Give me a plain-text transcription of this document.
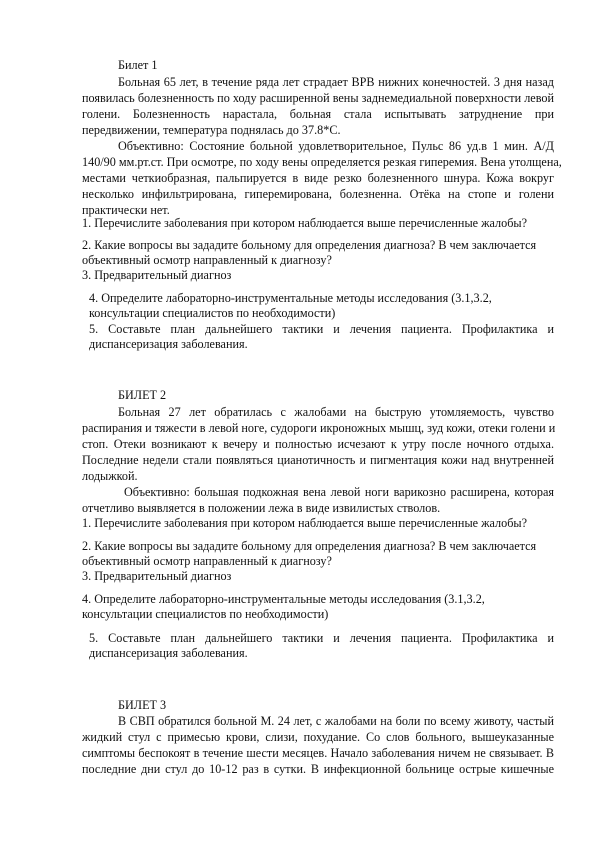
Билет 1
Больная 65 лет, в течение ряда лет страдает ВРВ нижних конечностей. 3 дня назад
появилась болезненность по ходу расширенной вены заднемедиальной поверхности левой
голени. Болезненность нарастала, больная стала испытывать затруднение при
передвижении, температура поднялась до 37.8*С.
Объективно: Состояние больной удовлетворительное, Пульс 86 уд.в 1 мин. А/Д
140/90 мм.рт.ст. При осмотре, по ходу вены определяется резкая гиперемия. Вена утолщена,
местами четкиобразная, пальпируется в виде резко болезненного шнура. Кожа вокруг
несколько инфильтрирована, гиперемирована, болезненна. Отёка на стопе и голени
практически нет.
1. Перечислите заболевания при котором наблюдается выше перечисленные жалобы?
2. Какие вопросы вы зададите больному для определения диагноза? В чем заключается
объективный осмотр направленный к диагнозу?
3. Предварительный диагноз
4. Определите лабораторно-инструментальные методы исследования (3.1,3.2,
консультации специалистов по необходимости)
5. Составьте план дальнейшего тактики и лечения пациента. Профилактика и
диспансеризация заболевания.
БИЛЕТ 2
Больная 27 лет обратилась с жалобами на быструю утомляемость, чувство
распирания и тяжести в левой ноге, судороги икроножных мышц, зуд кожи, отеки голени и
стоп. Отеки возникают к вечеру и полностью исчезают к утру после ночного отдыха.
Последние недели стали появляться цианотичность и пигментация кожи над внутренней
лодыжкой.
Объективно: большая подкожная вена левой ноги варикозно расширена, которая
отчетливо выявляется в положении лежа в виде извилистых стволов.
1. Перечислите заболевания при котором наблюдается выше перечисленные жалобы?
2. Какие вопросы вы зададите больному для определения диагноза? В чем заключается
объективный осмотр направленный к диагнозу?
3. Предварительный диагноз
4. Определите лабораторно-инструментальные методы исследования (3.1,3.2,
консультации специалистов по необходимости)
5. Составьте план дальнейшего тактики и лечения пациента. Профилактика и
диспансеризация заболевания.
БИЛЕТ 3
В СВП обратился больной М. 24 лет, с жалобами на боли по всему животу, частый
жидкий стул с примесью крови, слизи, похудание. Со слов больного, вышеуказанные
симптомы беспокоят в течение шести месяцев. Начало заболевания ничем не связывает. В
последние дни стул до 10-12 раз в сутки. В инфекционной больнице острые кишечные
